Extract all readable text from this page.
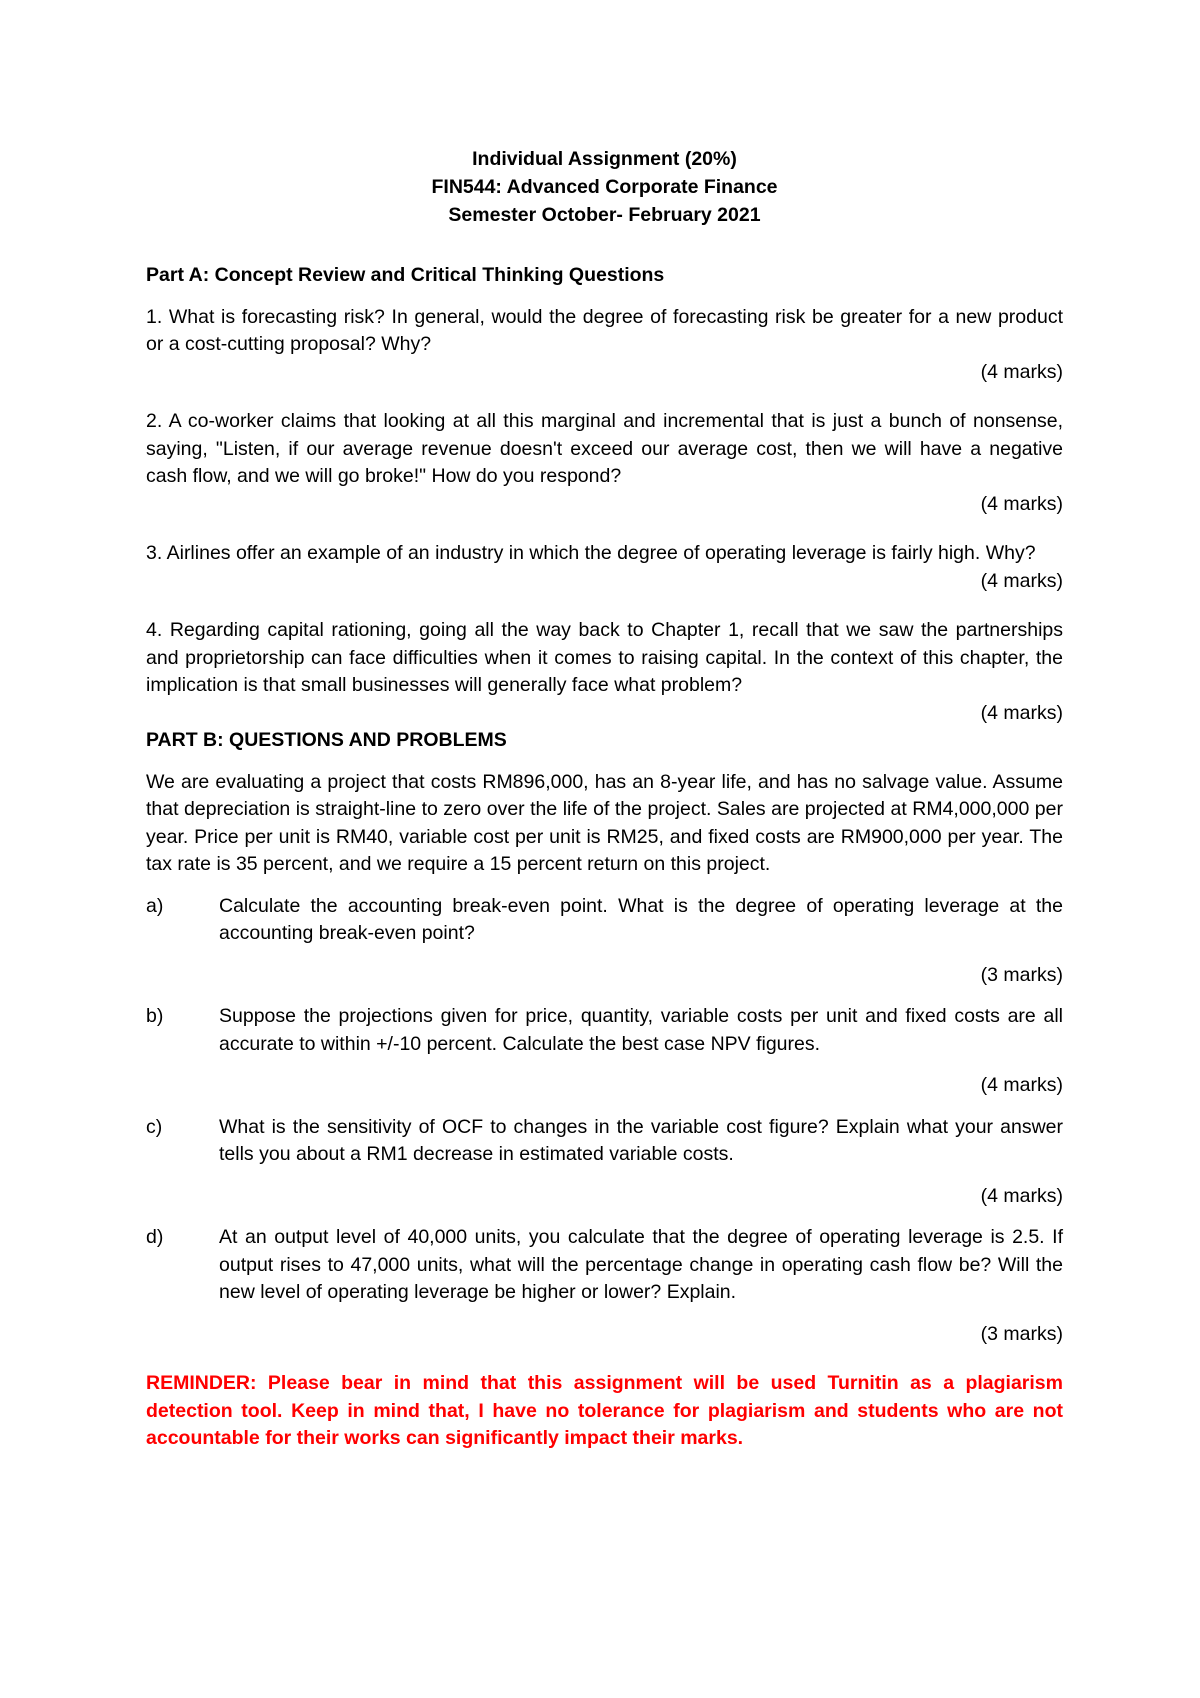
Individual Assignment (20%)
FIN544: Advanced Corporate Finance
Semester October- February 2021

Part A: Concept Review and Critical Thinking Questions

1. What is forecasting risk? In general, would the degree of forecasting risk be greater for a new product or a cost-cutting proposal? Why?

(4 marks)

2. A co-worker claims that looking at all this marginal and incremental that is just a bunch of nonsense, saying, "Listen, if our average revenue doesn't exceed our average cost, then we will have a negative cash flow, and we will go broke!" How do you respond?

(4 marks)

3. Airlines offer an example of an industry in which the degree of operating leverage is fairly high. Why?

(4 marks)

4. Regarding capital rationing, going all the way back to Chapter 1, recall that we saw the partnerships and proprietorship can face difficulties when it comes to raising capital. In the context of this chapter, the implication is that small businesses will generally face what problem?

(4 marks)

PART B: QUESTIONS AND PROBLEMS

We are evaluating a project that costs RM896,000, has an 8-year life, and has no salvage value. Assume that depreciation is straight-line to zero over the life of the project. Sales are projected at RM4,000,000 per year. Price per unit is RM40, variable cost per unit is RM25, and fixed costs are RM900,000 per year. The tax rate is 35 percent, and we require a 15 percent return on this project.

a)	Calculate the accounting break-even point. What is the degree of operating leverage at the accounting break-even point?

(3 marks)

b)	Suppose the projections given for price, quantity, variable costs per unit and fixed costs are all accurate to within +/-10 percent. Calculate the best case NPV figures.

(4 marks)

c)	What is the sensitivity of OCF to changes in the variable cost figure? Explain what your answer tells you about a RM1 decrease in estimated variable costs.

(4 marks)

d)	At an output level of 40,000 units, you calculate that the degree of operating leverage is 2.5. If output rises to 47,000 units, what will the percentage change in operating cash flow be? Will the new level of operating leverage be higher or lower? Explain.

(3 marks)

REMINDER: Please bear in mind that this assignment will be used Turnitin as a plagiarism detection tool. Keep in mind that, I have no tolerance for plagiarism and students who are not accountable for their works can significantly impact their marks.
